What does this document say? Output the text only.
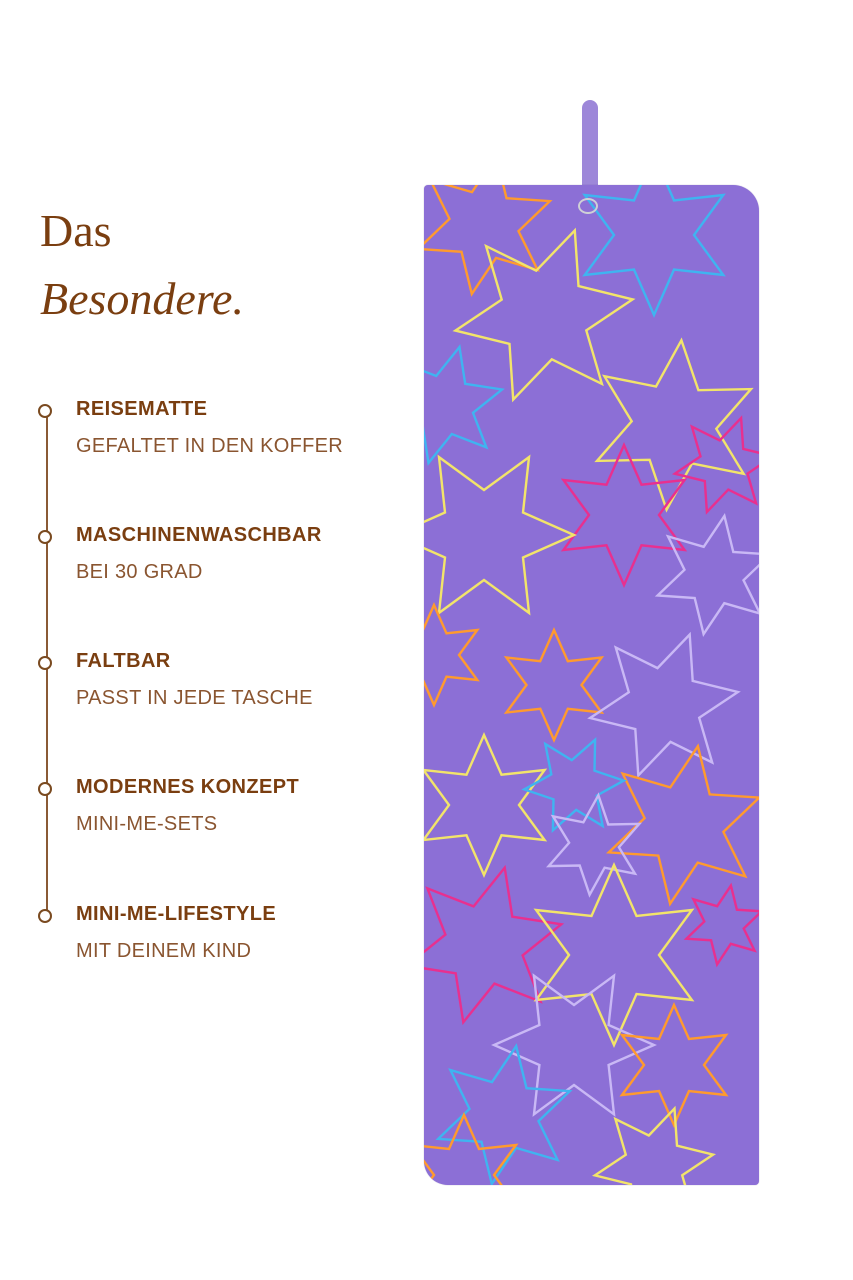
Das
Besondere.
REISEMATTE
GEFALTET IN DEN KOFFER
MASCHINENWASCHBAR
BEI 30 GRAD
FALTBAR
PASST IN JEDE TASCHE
MODERNES KONZEPT
MINI-ME-SETS
MINI-ME-LIFESTYLE
MIT DEINEM KIND
